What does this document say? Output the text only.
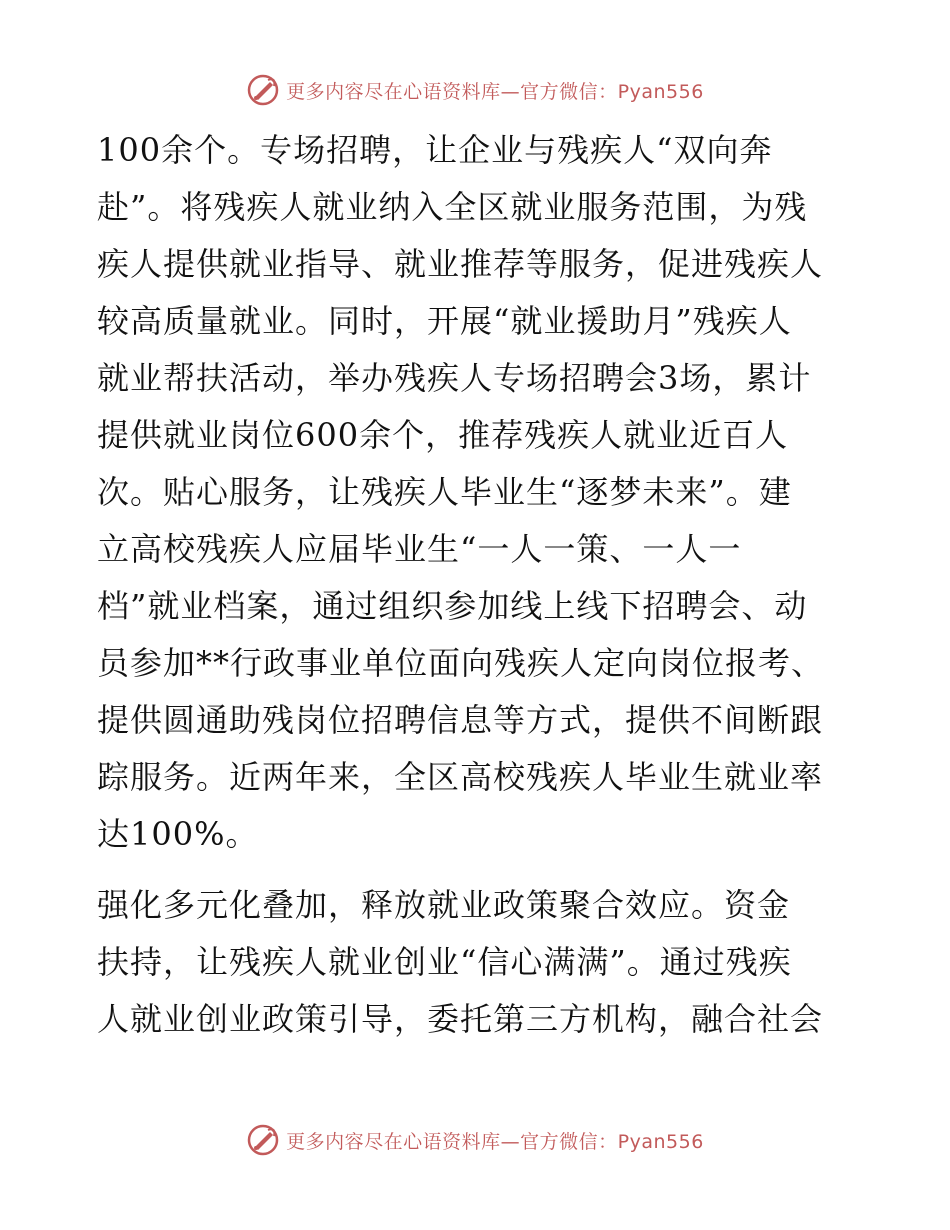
更多内容尽在心语资料库—官方微信：Pyan556
100余个。专场招聘，让企业与残疾人“双向奔
赴”。将残疾人就业纳入全区就业服务范围，为残
疾人提供就业指导、就业推荐等服务，促进残疾人
较高质量就业。同时，开展“就业援助月”残疾人
就业帮扶活动，举办残疾人专场招聘会3场，累计
提供就业岗位600余个，推荐残疾人就业近百人
次。贴心服务，让残疾人毕业生“逐梦未来”。建
立高校残疾人应届毕业生“一人一策、一人一
档”就业档案，通过组织参加线上线下招聘会、动
员参加**行政事业单位面向残疾人定向岗位报考、
提供圆通助残岗位招聘信息等方式，提供不间断跟
踪服务。近两年来，全区高校残疾人毕业生就业率
达100%。
强化多元化叠加，释放就业政策聚合效应。资金
扶持，让残疾人就业创业“信心满满”。通过残疾
人就业创业政策引导，委托第三方机构，融合社会
更多内容尽在心语资料库—官方微信：Pyan556
